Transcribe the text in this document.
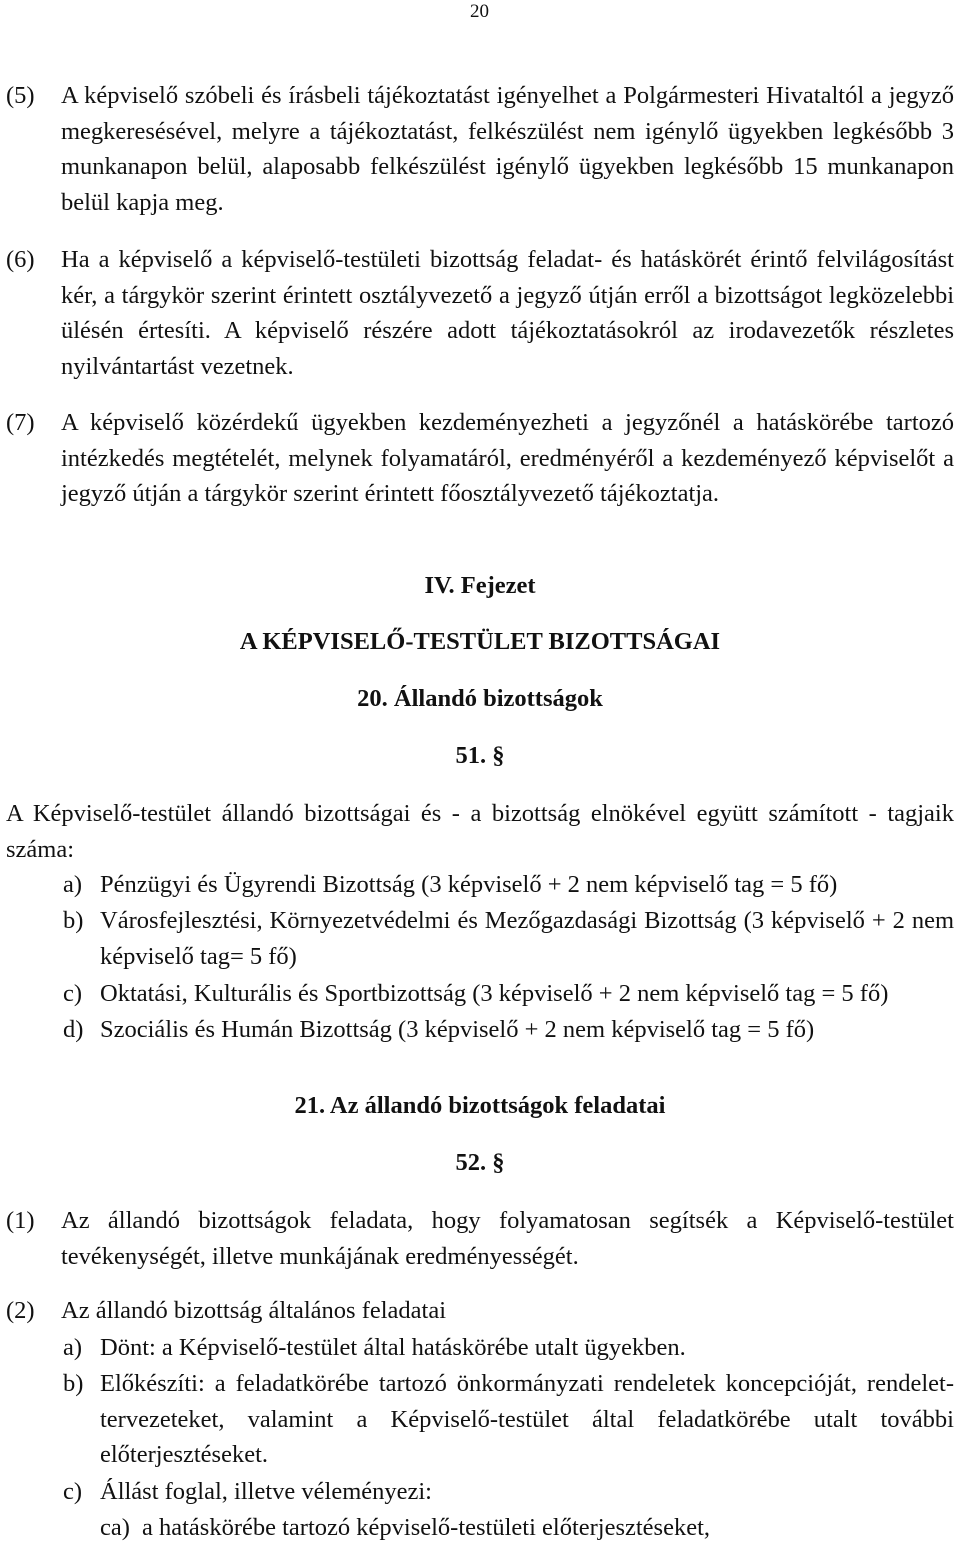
20
(5) A képviselő szóbeli és írásbeli tájékoztatást igényelhet a Polgármesteri Hivataltól a jegyző megkeresésével, melyre a tájékoztatást, felkészülést nem igénylő ügyekben legkésőbb 3 munkanapon belül, alaposabb felkészülést igénylő ügyekben legkésőbb 15 munkanapon belül kapja meg.
(6) Ha a képviselő a képviselő-testületi bizottság feladat- és hatáskörét érintő felvilágosítást kér, a tárgykör szerint érintett osztályvezető a jegyző útján erről a bizottságot legközelebbi ülésén értesíti. A képviselő részére adott tájékoztatásokról az irodavezetők részletes nyilvántartást vezetnek.
(7) A képviselő közérdekű ügyekben kezdeményezheti a jegyzőnél a hatáskörébe tartozó intézkedés megtételét, melynek folyamatáról, eredményéről a kezdeményező képviselőt a jegyző útján a tárgykör szerint érintett főosztályvezető tájékoztatja.
IV. Fejezet
A KÉPVISELŐ-TESTÜLET BIZOTTSÁGAI
20. Állandó bizottságok
51. §
A Képviselő-testület állandó bizottságai és - a bizottság elnökével együtt számított - tagjaik száma:
a) Pénzügyi és Ügyrendi Bizottság (3 képviselő + 2 nem képviselő tag = 5 fő)
b) Városfejlesztési, Környezetvédelmi és Mezőgazdasági Bizottság (3 képviselő + 2 nem képviselő tag= 5 fő)
c) Oktatási, Kulturális és Sportbizottság (3 képviselő + 2 nem képviselő tag = 5 fő)
d) Szociális és Humán Bizottság (3 képviselő + 2 nem képviselő tag = 5 fő)
21. Az állandó bizottságok feladatai
52. §
(1) Az állandó bizottságok feladata, hogy folyamatosan segítsék a Képviselő-testület tevékenységét, illetve munkájának eredményességét.
(2) Az állandó bizottság általános feladatai
a) Dönt: a Képviselő-testület által hatáskörébe utalt ügyekben.
b) Előkészíti: a feladatkörébe tartozó önkormányzati rendeletek koncepcióját, rendelet-tervezeteket, valamint a Képviselő-testület által feladatkörébe utalt további előterjesztéseket.
c) Állást foglal, illetve véleményezi:
ca) a hatáskörébe tartozó képviselő-testületi előterjesztéseket,
